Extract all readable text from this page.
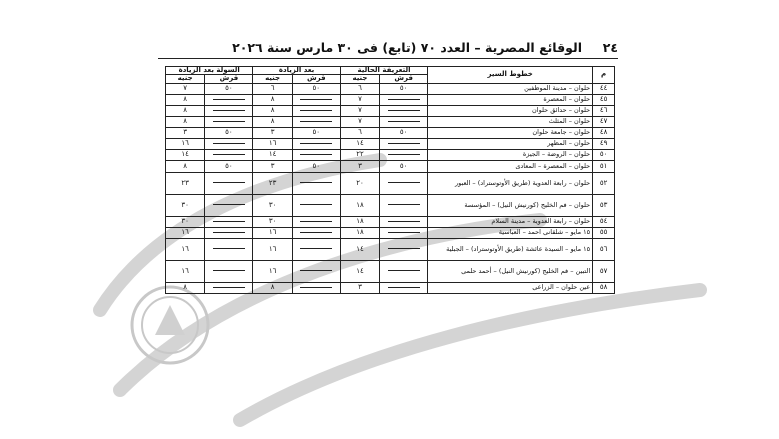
٢٤
الوقائع المصرية – العدد ٧٠ (تابع) فى ٣٠ مارس سنة ٢٠٢٦
م	خطوط السير	التعريفة الحالية		بعد الزيادة		السولة بعد الزيادة	
		قرش	جنيه	قرش	جنيه	قرش	جنيه
٤٤	حلوان – مدينة الموظفين	٥٠	٦	٥٠	٦	٥٠	٧
٤٥	حلوان – المعصرة		٧		٨		٨
٤٦	حلوان – حدائق حلوان		٧		٨		٨
٤٧	حلوان – المثلث		٧		٨		٨
٤٨	حلوان – جامعة حلوان	٥٠	٦	٥٠	٣	٥٠	٣
٤٩	حلوان – المظهر		١٤		١٦		١٦
٥٠	حلوان – الروضة – الجيزة		٢٢		١٤		١٤
٥١	حلوان – المعصرة – المعادى	٥٠	٣	٥٠	٣	٥٠	٨
٥٢	حلوان – رابعة العدوية (طريق الأوتوستراد) – العبور		٢٠		٢٣		٢٣
٥٣	حلوان – فم الخليج (كورنيش النيل) – المؤسسة		١٨		٣٠		٣٠
٥٤	حلوان – رابعة العدوية – مدينة السلام		١٨		٣٠		٣٠
٥٥	١٥ مايو – شلقانى احمد – العباسية		١٨		١٦		١٦
٥٦	١٥ مايو – السيدة عائشة (طريق الأوتوستراد) – الجبلية		١٤		١٦		١٦
٥٧	التبين – فم الخليج (كورنيش النيل) – أحمد حلمى		١٤		١٦		١٦
٥٨	عين حلوان – الزراعى		٣		٨		٨
